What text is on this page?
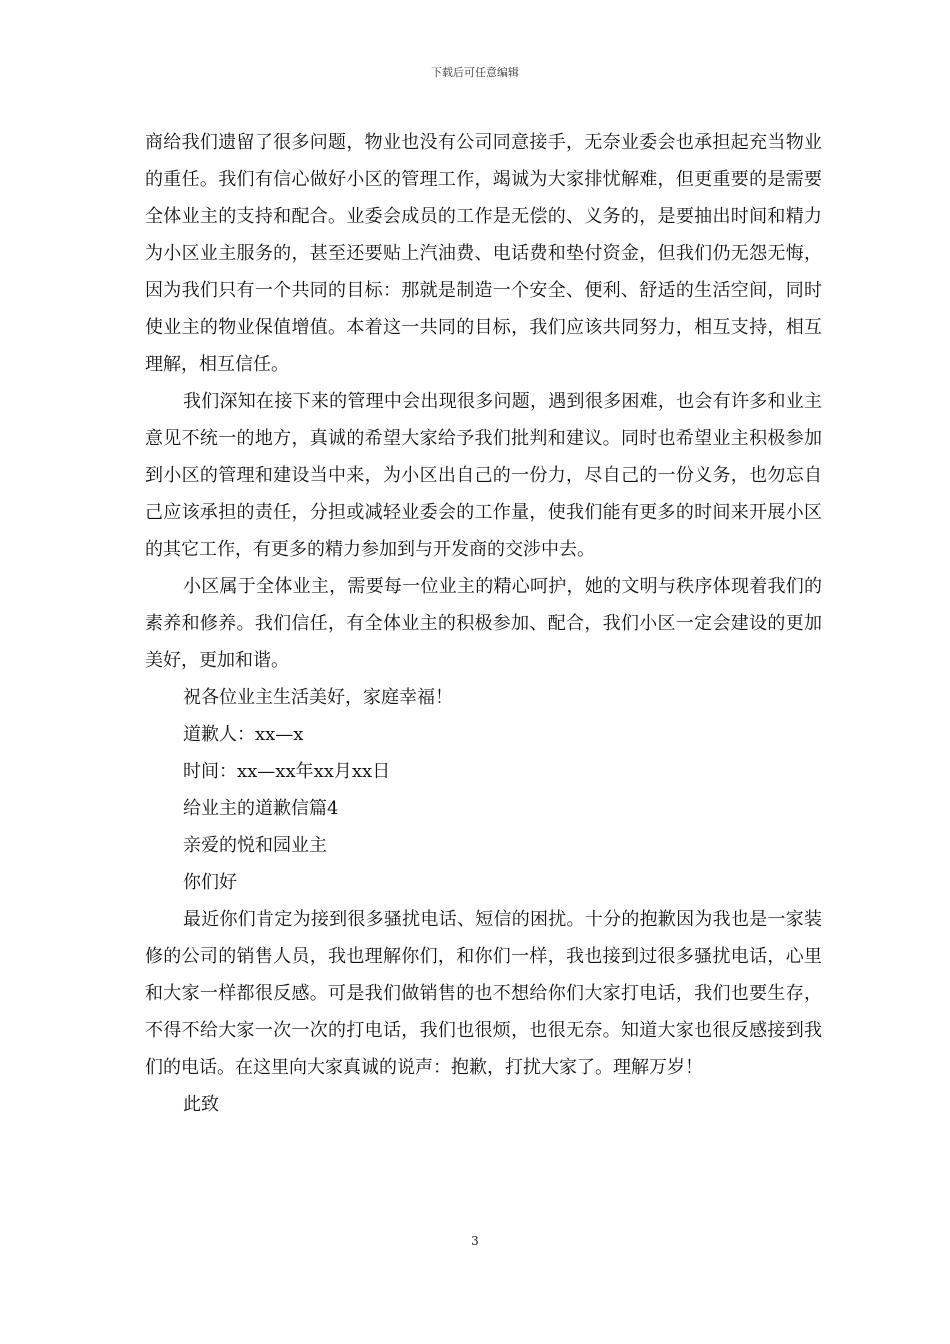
下载后可任意编辑

商给我们遗留了很多问题，物业也没有公司同意接手，无奈业委会也承担起充当物业的重任。我们有信心做好小区的管理工作，竭诚为大家排忧解难，但更重要的是需要全体业主的支持和配合。业委会成员的工作是无偿的、义务的，是要抽出时间和精力为小区业主服务的，甚至还要贴上汽油费、电话费和垫付资金，但我们仍无怨无悔，因为我们只有一个共同的目标：那就是制造一个安全、便利、舒适的生活空间，同时使业主的物业保值增值。本着这一共同的目标，我们应该共同努力，相互支持，相互理解，相互信任。

我们深知在接下来的管理中会出现很多问题，遇到很多困难，也会有许多和业主意见不统一的地方，真诚的希望大家给予我们批判和建议。同时也希望业主积极参加到小区的管理和建设当中来，为小区出自己的一份力，尽自己的一份义务，也勿忘自己应该承担的责任，分担或减轻业委会的工作量，使我们能有更多的时间来开展小区的其它工作，有更多的精力参加到与开发商的交涉中去。

小区属于全体业主，需要每一位业主的精心呵护，她的文明与秩序体现着我们的素养和修养。我们信任，有全体业主的积极参加、配合，我们小区一定会建设的更加美好，更加和谐。

祝各位业主生活美好，家庭幸福！

道歉人：xx—x

时间：xx—xx年xx月xx日

给业主的道歉信篇4

亲爱的悦和园业主

你们好

最近你们肯定为接到很多骚扰电话、短信的困扰。十分的抱歉因为我也是一家装修的公司的销售人员，我也理解你们，和你们一样，我也接到过很多骚扰电话，心里和大家一样都很反感。可是我们做销售的也不想给你们大家打电话，我们也要生存，不得不给大家一次一次的打电话，我们也很烦，也很无奈。知道大家也很反感接到我们的电话。在这里向大家真诚的说声：抱歉，打扰大家了。理解万岁！

此致

3
